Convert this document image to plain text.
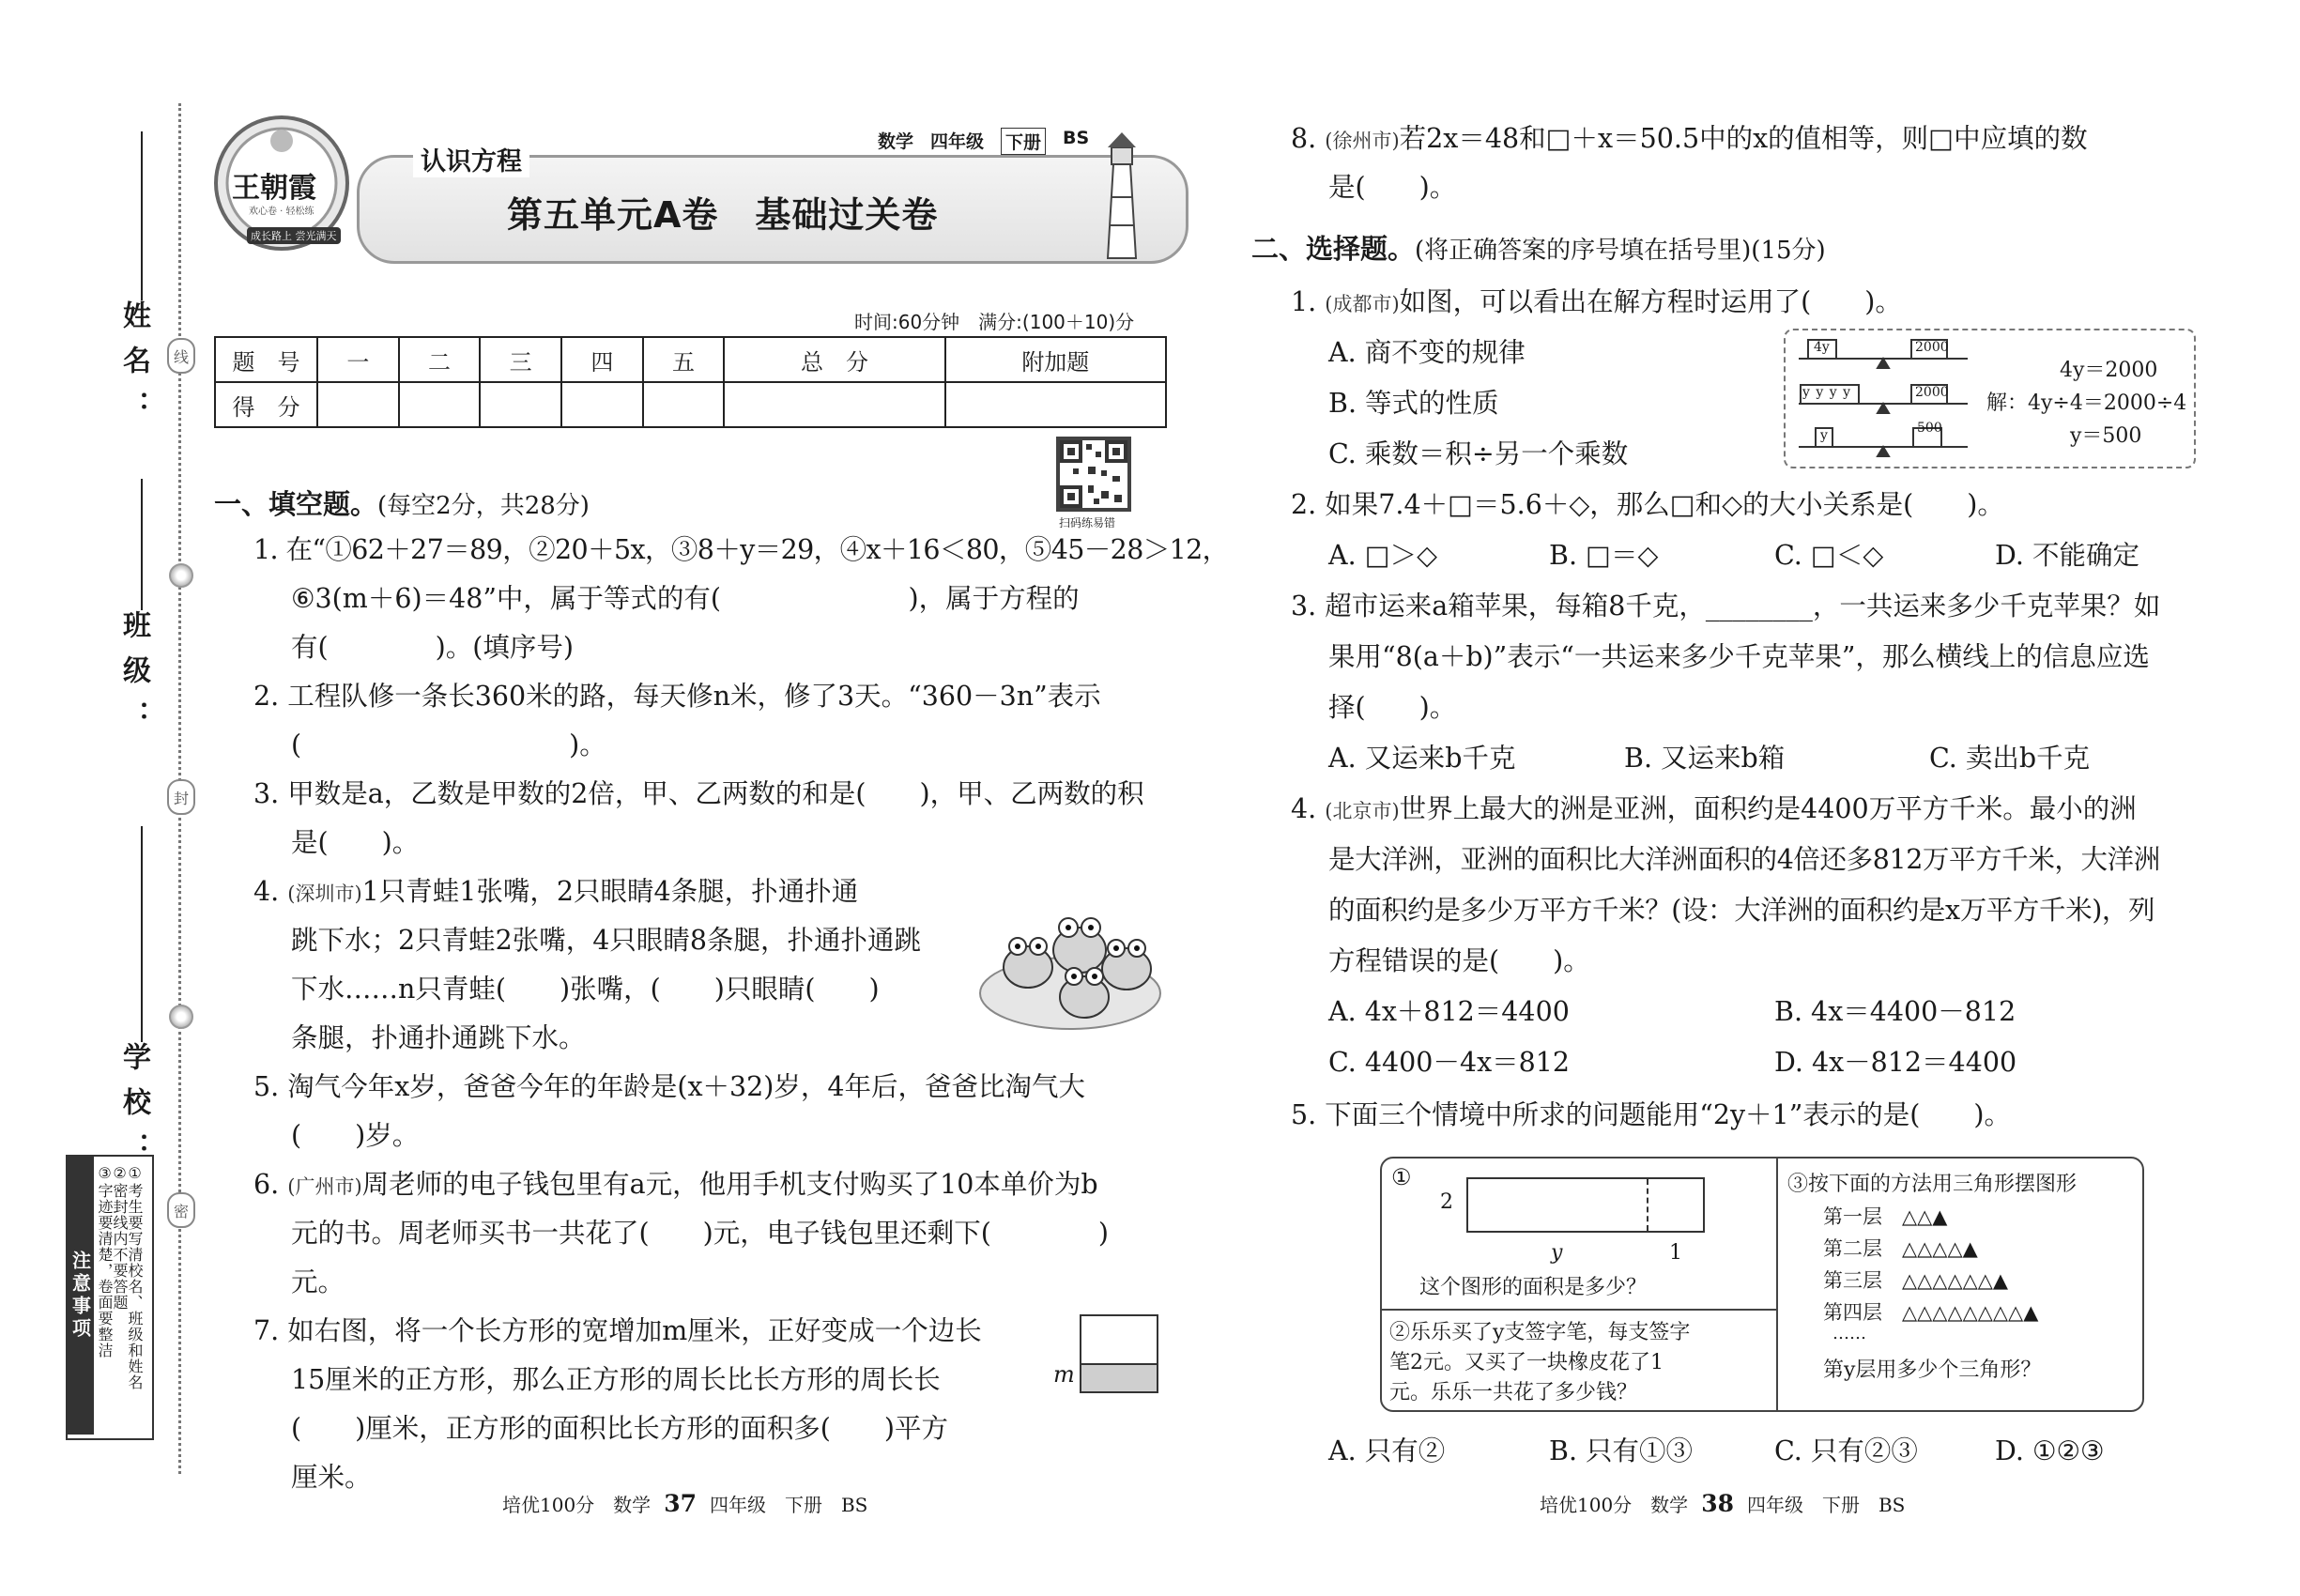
姓名：
班级：
学校：
线
封
密
注意事项 ①考生要写清校名、班级和姓名
②密封线内不要答题
③字迹要清楚，卷面要整洁
王朝霞
欢心卷 · 轻松练
成长路上 尝光满天
认识方程
数学 四年级 下册 BS
第五单元A卷　基础过关卷
时间:60分钟　满分:(100＋10)分
题　号	一	二	三	四	五	总　分	附加题
得　分							
扫码练易错
一、填空题。(每空2分，共28分)
1. 在“①62＋27＝89，②20＋5x，③8＋y＝29，④x＋16＜80，⑤45－28＞12，
⑥3(m＋6)＝48”中，属于等式的有(　　　　　　　)，属于方程的
有(　　　　)。(填序号)
2. 工程队修一条长360米的路，每天修n米，修了3天。“360－3n”表示
(　　　　　　　　　　)。
3. 甲数是a，乙数是甲数的2倍，甲、乙两数的和是(　　)，甲、乙两数的积
是(　　)。
4. (深圳市)1只青蛙1张嘴，2只眼睛4条腿，扑通扑通
跳下水；2只青蛙2张嘴，4只眼睛8条腿，扑通扑通跳
下水……n只青蛙(　　)张嘴，(　　)只眼睛(　　)
条腿，扑通扑通跳下水。
5. 淘气今年x岁，爸爸今年的年龄是(x＋32)岁，4年后，爸爸比淘气大
(　　)岁。
6. (广州市)周老师的电子钱包里有a元，他用手机支付购买了10本单价为b
元的书。周老师买书一共花了(　　)元，电子钱包里还剩下(　　　　)
元。
7. 如右图，将一个长方形的宽增加m厘米，正好变成一个边长
15厘米的正方形，那么正方形的周长比长方形的周长长
(　　)厘米，正方形的面积比长方形的面积多(　　)平方
厘米。
m
培优100分　数学 37 四年级　下册　BS
8. (徐州市)若2x＝48和□＋x＝50.5中的x的值相等，则□中应填的数
是(　　)。
二、选择题。(将正确答案的序号填在括号里)(15分)
1. (成都市)如图，可以看出在解方程时运用了(　　)。
A. 商不变的规律
B. 等式的性质
C. 乘数＝积÷另一个乘数
2. 如果7.4＋□＝5.6＋◇，那么□和◇的大小关系是(　　)。
A. □＞◇	B. □＝◇	C. □＜◇	D. 不能确定
3. 超市运来a箱苹果，每箱8千克，________，一共运来多少千克苹果？如
果用“8(a＋b)”表示“一共运来多少千克苹果”，那么横线上的信息应选
择(　　)。
A. 又运来b千克	B. 又运来b箱	C. 卖出b千克
4. (北京市)世界上最大的洲是亚洲，面积约是4400万平方千米。最小的洲
是大洋洲，亚洲的面积比大洋洲面积的4倍还多812万平方千米，大洋洲
的面积约是多少万平方千米？(设：大洋洲的面积约是x万平方千米)，列
方程错误的是(　　)。
A. 4x＋812＝4400	B. 4x＝4400－812
C. 4400－4x＝812	D. 4x－812＝4400
5. 下面三个情境中所求的问题能用“2y＋1”表示的是(　　)。
A. 只有②	B. 只有①③	C. 只有②③	D. ①②③
4y	2000
y y y y	2000
y	500
4y＝2000
解：4y÷4＝2000÷4
y＝500
①
2
y	1
这个图形的面积是多少？
②乐乐买了y支签字笔，每支签字
笔2元。又买了一块橡皮花了1
元。乐乐一共花了多少钱？
③按下面的方法用三角形摆图形
第一层　 △△▲
第二层　 △△△△▲
第三层　 △△△△△△▲
第四层　 △△△△△△△△▲
……
第y层用多少个三角形？
培优100分　数学 38 四年级　下册　BS
